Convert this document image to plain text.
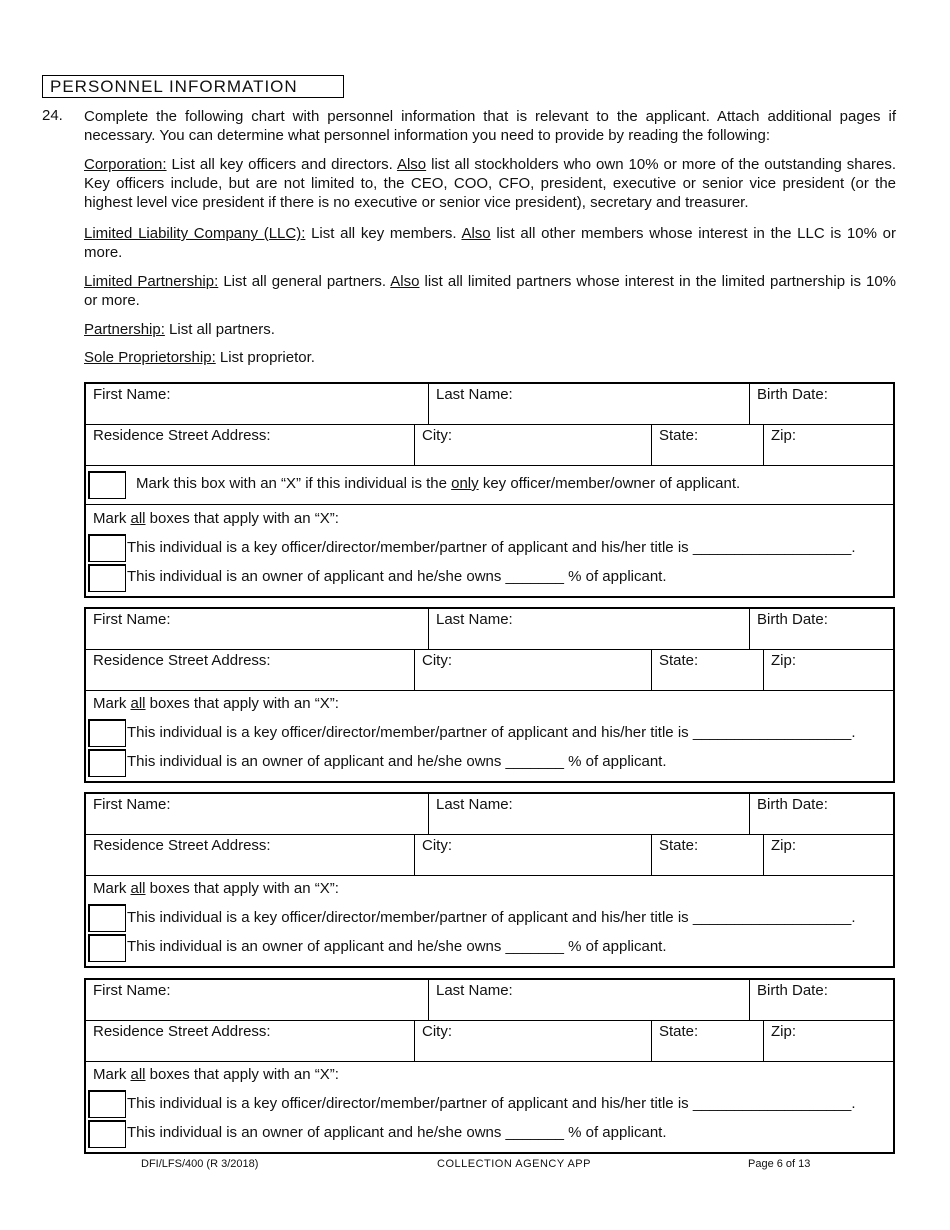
PERSONNEL INFORMATION
24. Complete the following chart with personnel information that is relevant to the applicant. Attach additional pages if necessary. You can determine what personnel information you need to provide by reading the following:
Corporation: List all key officers and directors. Also list all stockholders who own 10% or more of the outstanding shares. Key officers include, but are not limited to, the CEO, COO, CFO, president, executive or senior vice president (or the highest level vice president if there is no executive or senior vice president), secretary and treasurer.
Limited Liability Company (LLC): List all key members. Also list all other members whose interest in the LLC is 10% or more.
Limited Partnership: List all general partners. Also list all limited partners whose interest in the limited partnership is 10% or more.
Partnership: List all partners.
Sole Proprietorship: List proprietor.
First Name:	Last Name:	Birth Date:
Residence Street Address:	City:	State:	Zip:
Mark this box with an “X” if this individual is the only key officer/member/owner of applicant.
Mark all boxes that apply with an “X”:
This individual is a key officer/director/member/partner of applicant and his/her title is ___________________.
This individual is an owner of applicant and he/she owns _______ % of applicant.
First Name:	Last Name:	Birth Date:
Residence Street Address:	City:	State:	Zip:
Mark all boxes that apply with an “X”:
This individual is a key officer/director/member/partner of applicant and his/her title is ___________________.
This individual is an owner of applicant and he/she owns _______ % of applicant.
First Name:	Last Name:	Birth Date:
Residence Street Address:	City:	State:	Zip:
Mark all boxes that apply with an “X”:
This individual is a key officer/director/member/partner of applicant and his/her title is ___________________.
This individual is an owner of applicant and he/she owns _______ % of applicant.
First Name:	Last Name:	Birth Date:
Residence Street Address:	City:	State:	Zip:
Mark all boxes that apply with an “X”:
This individual is a key officer/director/member/partner of applicant and his/her title is ___________________.
This individual is an owner of applicant and he/she owns _______ % of applicant.
DFI/LFS/400 (R 3/2018)	COLLECTION AGENCY APP	Page 6 of 13
